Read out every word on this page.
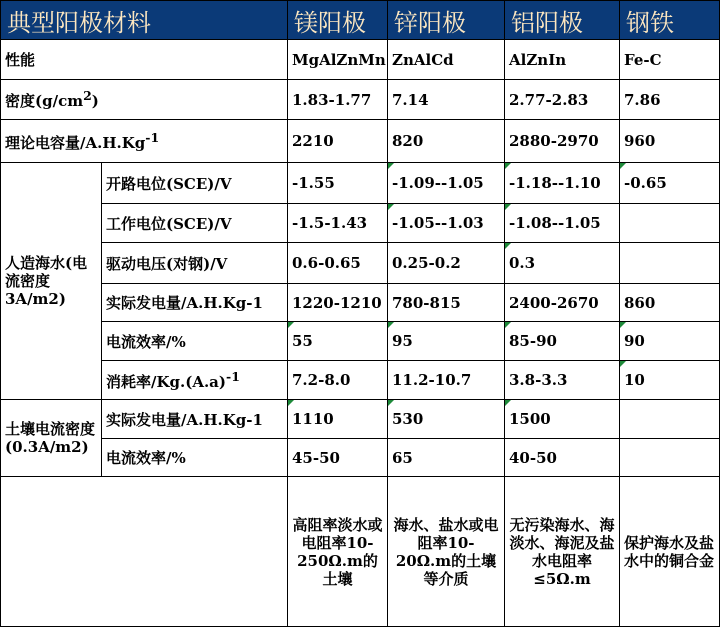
典型阳极材料		镁阳极	锌阳极	铝阳极	钢铁
性能		MgAlZnMn	ZnAlCd	AlZnIn	Fe-C
密度$(g/cm^2)$		1.83-1.77	7.14	2.77-2.83	7.86
理论电容量$/A.H.Kg^{-1}$		2210	820	2880-2970	960
人造海水(电流密度3A/m2)	开路电位(SCE)/V	-1.55	-1.09--1.05	-1.18--1.10	-0.65
	工作电位(SCE)/V	-1.5-1.43	-1.05--1.03	-1.08--1.05	
	驱动电压(对钢)/V	0.6-0.65	0.25-0.2	0.3	
	实际发电量/A.H.Kg-1	1220-1210	780-815	2400-2670	860
	电流效率/%	55	95	85-90	90
	消耗率$/Kg.(A.a)^{-1}$	7.2-8.0	11.2-10.7	3.8-3.3	10
土壤电流密度(0.3A/m2)	实际发电量/A.H.Kg-1	1110	530	1500	
	电流效率/%	45-50	65	40-50	
		高阻率淡水或电阻率10-250Ω.m的土壤	海水、盐水或电阻率10-20Ω.m的土壤等介质	无污染海水、海淡水、海泥及盐水电阻率≤5Ω.m	保护海水及盐水中的铜合金
